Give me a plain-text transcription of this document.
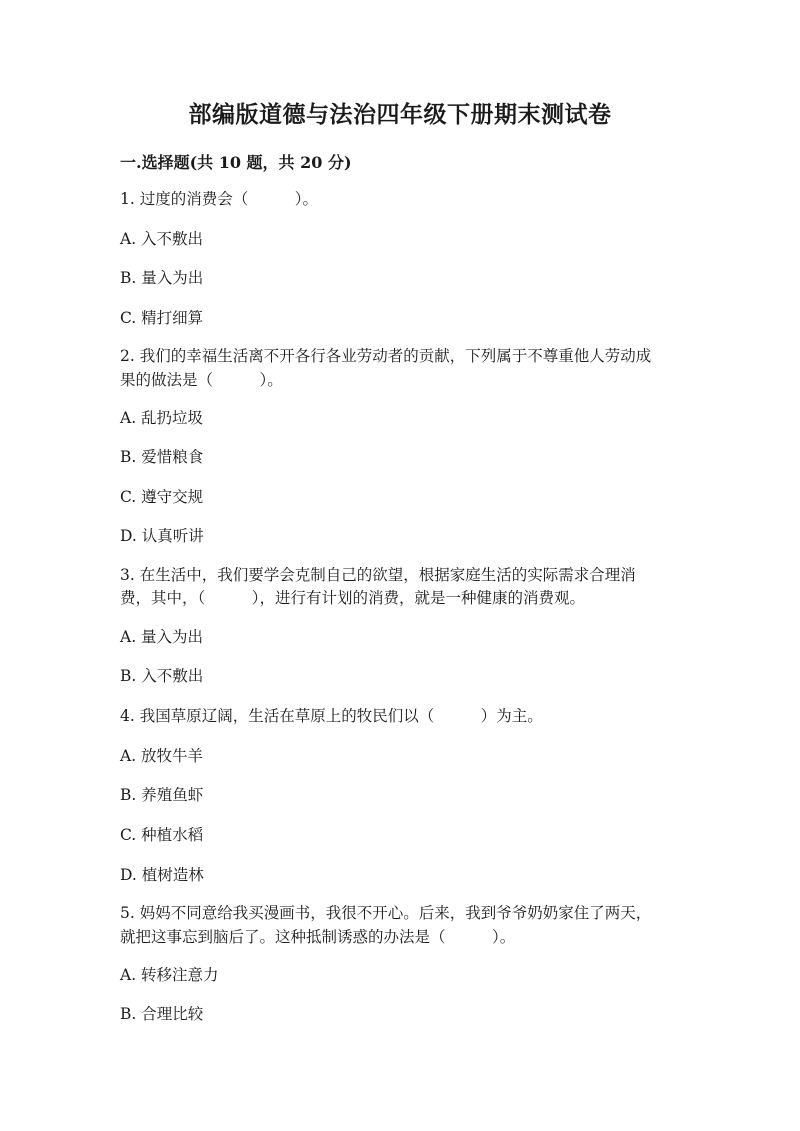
部编版道德与法治四年级下册期末测试卷
一.选择题(共 10 题，共 20 分)
1. 过度的消费会（　　　）。
A. 入不敷出
B. 量入为出
C. 精打细算
2. 我们的幸福生活离不开各行各业劳动者的贡献，下列属于不尊重他人劳动成
果的做法是（　　　）。
A. 乱扔垃圾
B. 爱惜粮食
C. 遵守交规
D. 认真听讲
3. 在生活中，我们要学会克制自己的欲望，根据家庭生活的实际需求合理消
费，其中，（　　　），进行有计划的消费，就是一种健康的消费观。
A. 量入为出
B. 入不敷出
4. 我国草原辽阔，生活在草原上的牧民们以（　　　）为主。
A. 放牧牛羊
B. 养殖鱼虾
C. 种植水稻
D. 植树造林
5. 妈妈不同意给我买漫画书，我很不开心。后来，我到爷爷奶奶家住了两天，
就把这事忘到脑后了。这种抵制诱惑的办法是（　　　）。
A. 转移注意力
B. 合理比较
